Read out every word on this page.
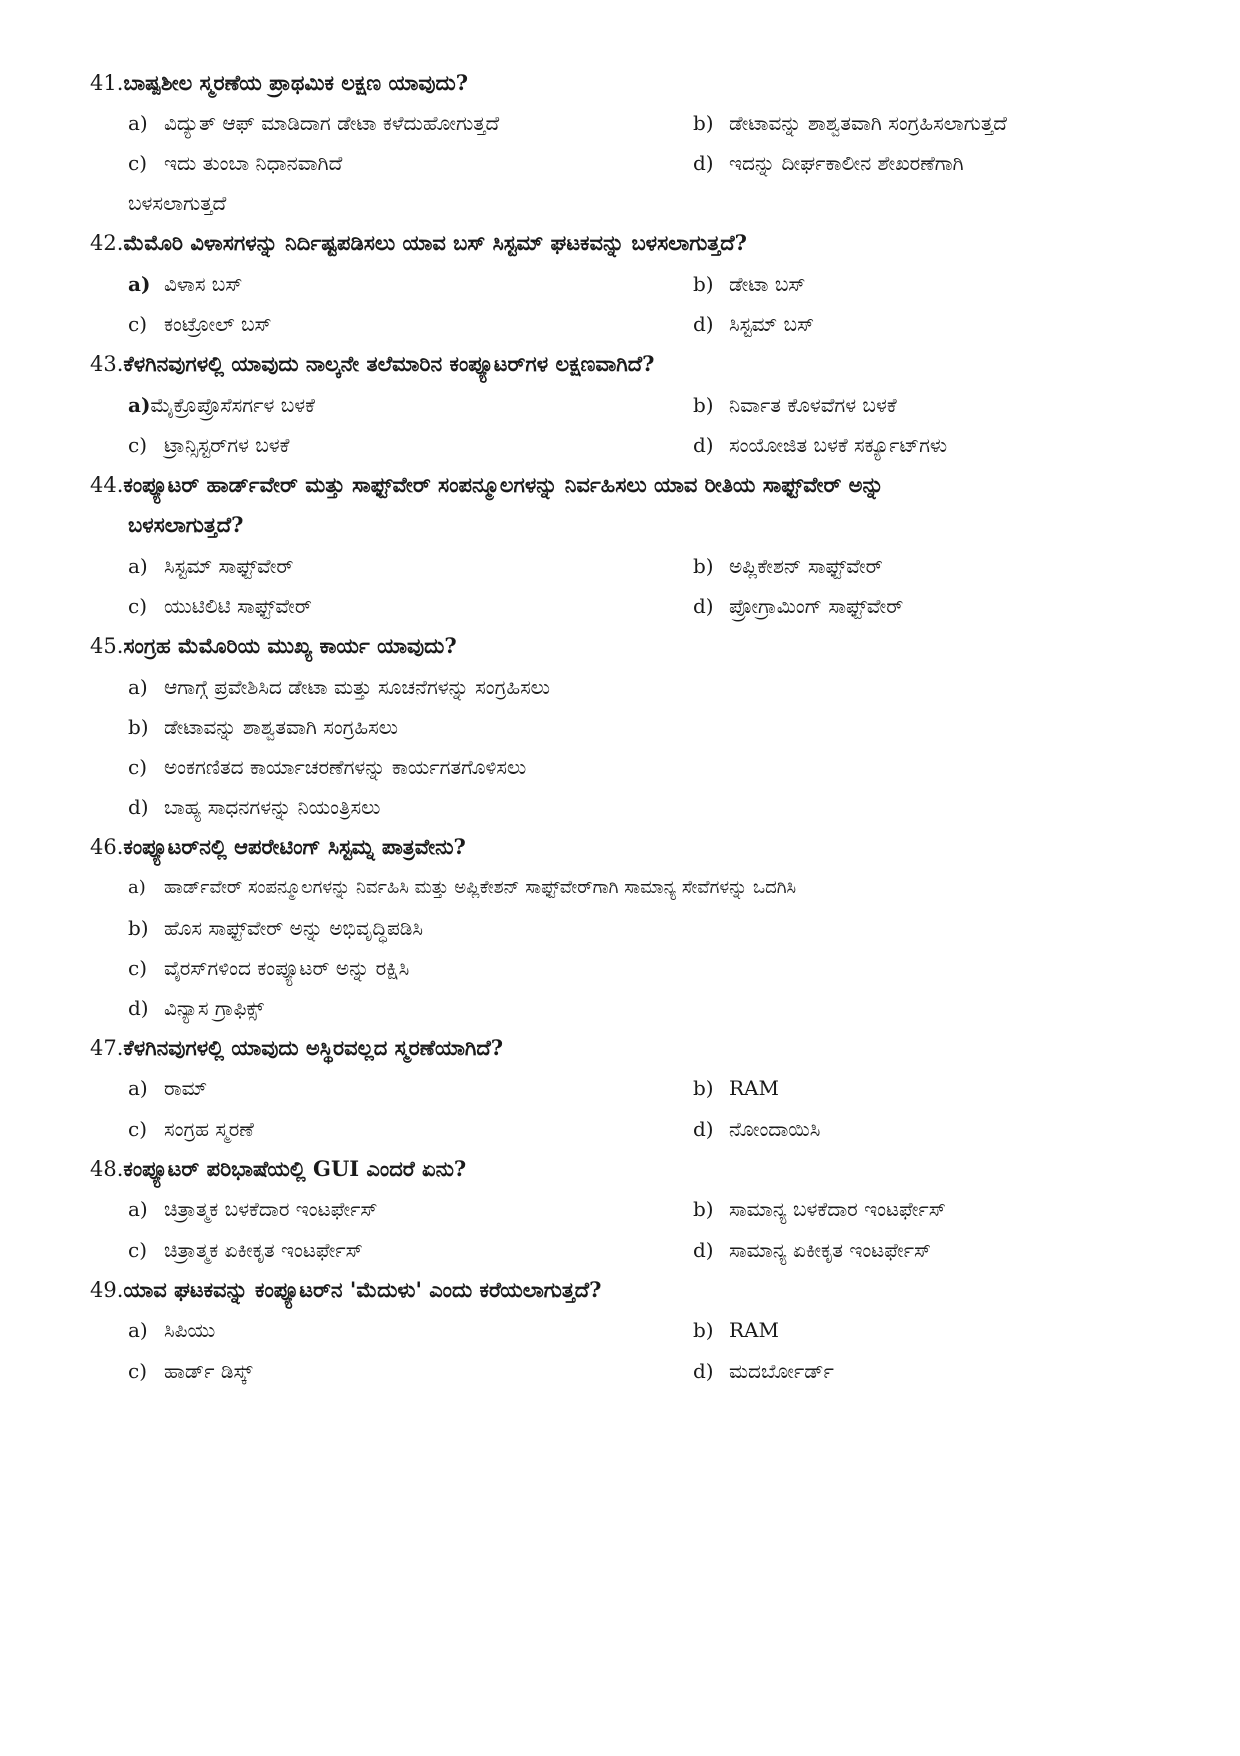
41.ಬಾಷ್ಪಶೀಲ ಸ್ಮರಣೆಯ ಪ್ರಾಥಮಿಕ ಲಕ್ಷಣ ಯಾವುದು?
a) ವಿದ್ಯುತ್ ಆಫ್ ಮಾಡಿದಾಗ ಡೇಟಾ ಕಳೆದುಹೋಗುತ್ತದೆ	b) ಡೇಟಾವನ್ನು ಶಾಶ್ವತವಾಗಿ ಸಂಗ್ರಹಿಸಲಾಗುತ್ತದೆ
c) ಇದು ತುಂಬಾ ನಿಧಾನವಾಗಿದೆ	d) ಇದನ್ನು ದೀರ್ಘಕಾಲೀನ ಶೇಖರಣೆಗಾಗಿ
ಬಳಸಲಾಗುತ್ತದೆ
42.ಮೆಮೊರಿ ವಿಳಾಸಗಳನ್ನು ನಿರ್ದಿಷ್ಟಪಡಿಸಲು ಯಾವ ಬಸ್ ಸಿಸ್ಟಮ್ ಘಟಕವನ್ನು ಬಳಸಲಾಗುತ್ತದೆ?
a) ವಿಳಾಸ ಬಸ್	b) ಡೇಟಾ ಬಸ್
c) ಕಂಟ್ರೋಲ್ ಬಸ್	d) ಸಿಸ್ಟಮ್ ಬಸ್
43.ಕೆಳಗಿನವುಗಳಲ್ಲಿ ಯಾವುದು ನಾಲ್ಕನೇ ತಲೆಮಾರಿನ ಕಂಪ್ಯೂಟರ್‌ಗಳ ಲಕ್ಷಣವಾಗಿದೆ?
a)ಮೈಕ್ರೊಪ್ರೊಸೆಸರ್ಗಳ ಬಳಕೆ	b) ನಿರ್ವಾತ ಕೊಳವೆಗಳ ಬಳಕೆ
c) ಟ್ರಾನ್ಸಿಸ್ಟರ್‌ಗಳ ಬಳಕೆ	d) ಸಂಯೋಜಿತ ಬಳಕೆ ಸರ್ಕ್ಯೂಟ್‌ಗಳು
44.ಕಂಪ್ಯೂಟರ್ ಹಾರ್ಡ್‌ವೇರ್ ಮತ್ತು ಸಾಫ್ಟ್‌ವೇರ್ ಸಂಪನ್ಮೂಲಗಳನ್ನು ನಿರ್ವಹಿಸಲು ಯಾವ ರೀತಿಯ ಸಾಫ್ಟ್‌ವೇರ್ ಅನ್ನು
ಬಳಸಲಾಗುತ್ತದೆ?
a) ಸಿಸ್ಟಮ್ ಸಾಫ್ಟ್‌ವೇರ್	b) ಅಪ್ಲಿಕೇಶನ್ ಸಾಫ್ಟ್‌ವೇರ್
c) ಯುಟಿಲಿಟಿ ಸಾಫ್ಟ್‌ವೇರ್	d) ಪ್ರೋಗ್ರಾಮಿಂಗ್ ಸಾಫ್ಟ್‌ವೇರ್
45.ಸಂಗ್ರಹ ಮೆಮೊರಿಯ ಮುಖ್ಯ ಕಾರ್ಯ ಯಾವುದು?
a) ಆಗಾಗ್ಗೆ ಪ್ರವೇಶಿಸಿದ ಡೇಟಾ ಮತ್ತು ಸೂಚನೆಗಳನ್ನು ಸಂಗ್ರಹಿಸಲು
b) ಡೇಟಾವನ್ನು ಶಾಶ್ವತವಾಗಿ ಸಂಗ್ರಹಿಸಲು
c) ಅಂಕಗಣಿತದ ಕಾರ್ಯಾಚರಣೆಗಳನ್ನು ಕಾರ್ಯಗತಗೊಳಿಸಲು
d) ಬಾಹ್ಯ ಸಾಧನಗಳನ್ನು ನಿಯಂತ್ರಿಸಲು
46.ಕಂಪ್ಯೂಟರ್‌ನಲ್ಲಿ ಆಪರೇಟಿಂಗ್ ಸಿಸ್ಟಮ್ನ ಪಾತ್ರವೇನು?
a) ಹಾರ್ಡ್‌ವೇರ್ ಸಂಪನ್ಮೂಲಗಳನ್ನು ನಿರ್ವಹಿಸಿ ಮತ್ತು ಅಪ್ಲಿಕೇಶನ್ ಸಾಫ್ಟ್‌ವೇರ್‌ಗಾಗಿ ಸಾಮಾನ್ಯ ಸೇವೆಗಳನ್ನು ಒದಗಿಸಿ
b) ಹೊಸ ಸಾಫ್ಟ್‌ವೇರ್ ಅನ್ನು ಅಭಿವೃದ್ಧಿಪಡಿಸಿ
c) ವೈರಸ್‌ಗಳಿಂದ ಕಂಪ್ಯೂಟರ್ ಅನ್ನು ರಕ್ಷಿಸಿ
d) ವಿನ್ಯಾಸ ಗ್ರಾಫಿಕ್ಸ್
47.ಕೆಳಗಿನವುಗಳಲ್ಲಿ ಯಾವುದು ಅಸ್ಥಿರವಲ್ಲದ ಸ್ಮರಣೆಯಾಗಿದೆ?
a) ರಾಮ್	b) RAM
c) ಸಂಗ್ರಹ ಸ್ಮರಣೆ	d) ನೋಂದಾಯಿಸಿ
48.ಕಂಪ್ಯೂಟರ್ ಪರಿಭಾಷೆಯಲ್ಲಿ GUI ಎಂದರೆ ಏನು?
a) ಚಿತ್ರಾತ್ಮಕ ಬಳಕೆದಾರ ಇಂಟರ್ಫೇಸ್	b) ಸಾಮಾನ್ಯ ಬಳಕೆದಾರ ಇಂಟರ್ಫೇಸ್
c) ಚಿತ್ರಾತ್ಮಕ ಏಕೀಕೃತ ಇಂಟರ್ಫೇಸ್	d) ಸಾಮಾನ್ಯ ಏಕೀಕೃತ ಇಂಟರ್ಫೇಸ್
49.ಯಾವ ಘಟಕವನ್ನು ಕಂಪ್ಯೂಟರ್‌ನ 'ಮೆದುಳು' ಎಂದು ಕರೆಯಲಾಗುತ್ತದೆ?
a) ಸಿಪಿಯು	b) RAM
c) ಹಾರ್ಡ್ ಡಿಸ್ಕ್	d) ಮದರ್ಬೋರ್ಡ್
